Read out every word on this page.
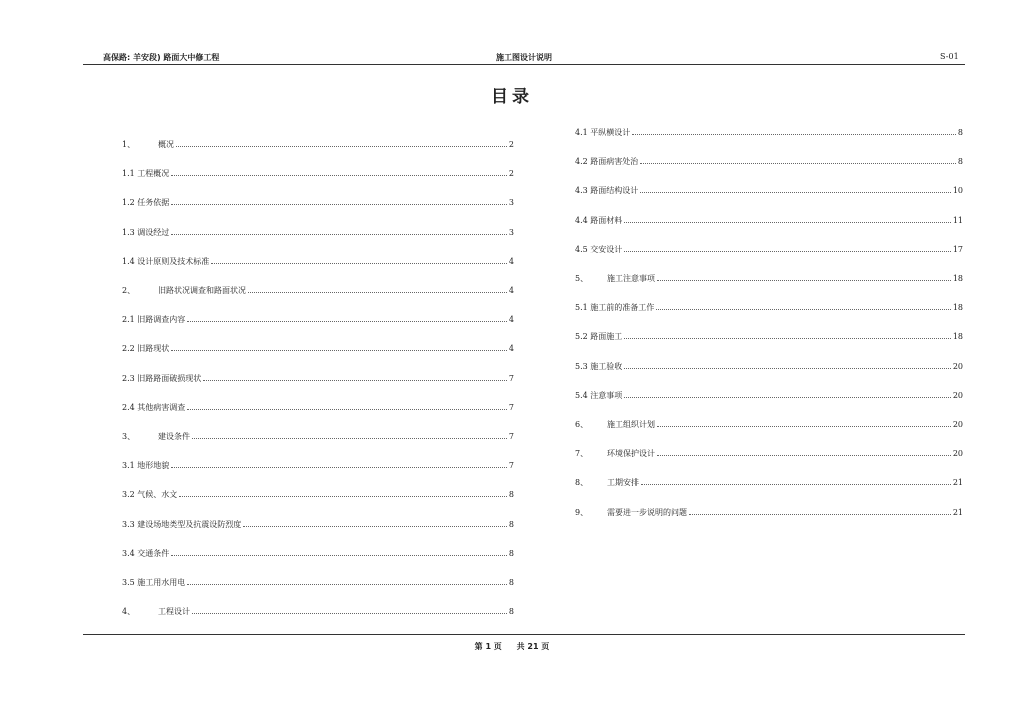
高保路: 羊安段) 路面大中修工程	施工图设计说明	S-01
目录
1、	概况	2
1.1 工程概况	2
1.2 任务依据	3
1.3 调设经过	3
1.4 设计原则及技术标准	4
2、	旧路状况调查和路面状况	4
2.1 旧路调查内容	4
2.2 旧路现状	4
2.3 旧路路面破损现状	7
2.4 其他病害调查	7
3、	建设条件	7
3.1 地形地貌	7
3.2 气候、水文	8
3.3 建设场地类型及抗震设防烈度	8
3.4 交通条件	8
3.5 施工用水用电	8
4、	工程设计	8
4.1 平纵横设计	8
4.2 路面病害处治	8
4.3 路面结构设计	10
4.4 路面材料	11
4.5 交安设计	17
5、	施工注意事项	18
5.1 施工前的准备工作	18
5.2 路面施工	18
5.3 施工验收	20
5.4 注意事项	20
6、	施工组织计划	20
7、	环境保护设计	20
8、	工期安排	21
9、	需要进一步说明的问题	21
第 1 页 共 21 页
